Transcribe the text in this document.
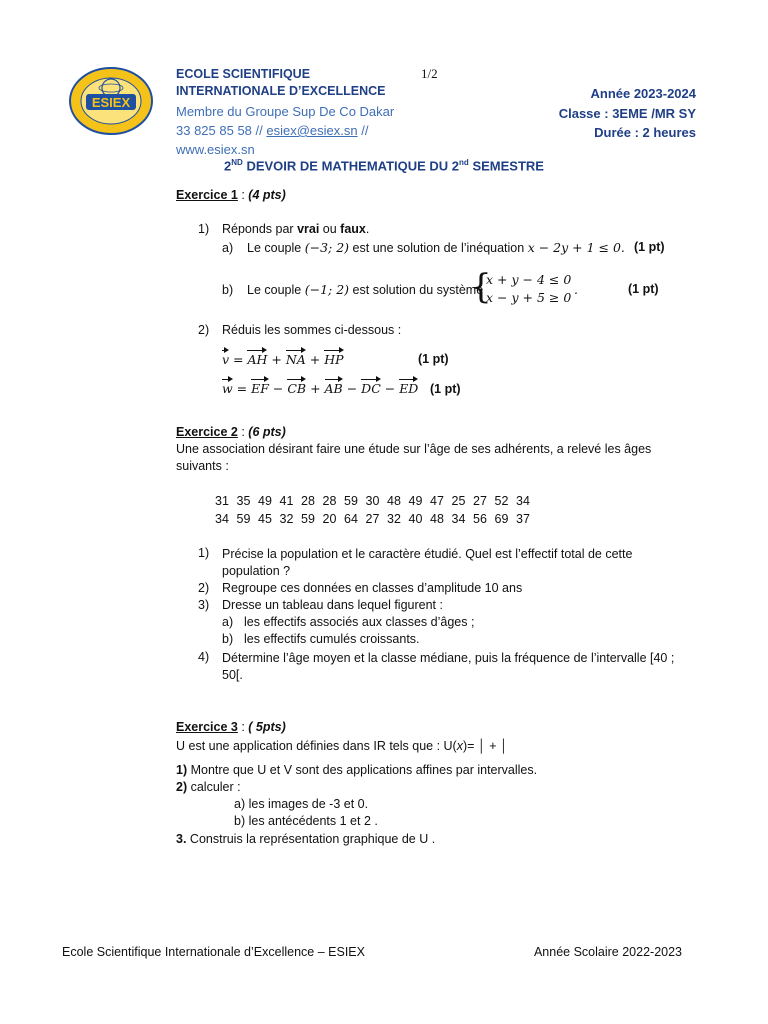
ESIEX
ECOLE SCIENTIFIQUE
INTERNATIONALE D’EXCELLENCE
Membre du Groupe Sup De Co Dakar
33 825 85 58 // esiex@esiex.sn //
www.esiex.sn
1/2
Année 2023-2024
Classe : 3EME /MR SY
Durée : 2 heures
2ND DEVOIR DE MATHEMATIQUE DU 2nd SEMESTRE
Exercice 1 : (4 pts)
1) Réponds par vrai ou faux.
a) Le couple (−3; 2) est une solution de l’inéquation x − 2y + 1 ≤ 0. (1 pt)
b) Le couple (−1; 2) est solution du système
{
x + y − 4 ≤ 0
x − y + 5 ≥ 0
.	(1 pt)
2) Réduis les sommes ci-dessous :
v = AH + NA + HP	(1 pt)
w = EF − CB + AB − DC − ED (1 pt)
Exercice 2 : (6 pts)
Une association désirant faire une étude sur l’âge de ses adhérents, a relevé les âges
suivants :
31 35 49 41 28 28 59 30 48 49 47 25 27 52 34
34 59 45 32 59 20 64 27 32 40 48 34 56 69 37
1) Précise la population et le caractère étudié. Quel est l’effectif total de cette
population ?
2) Regroupe ces données en classes d’amplitude 10 ans
3) Dresse un tableau dans lequel figurent :
a) les effectifs associés aux classes d’âges ;
b) les effectifs cumulés croissants.
4) Détermine l’âge moyen et la classe médiane, puis la fréquence de l’intervalle [40 ;
50[.
Exercice 3 : ( 5pts)
U est une application définies dans IR tels que : U(x)= │ + │
1) Montre que U et V sont des applications affines par intervalles.
2) calculer :
a) les images de -3 et 0.
b) les antécédents 1 et 2 .
3. Construis la représentation graphique de U .
Ecole Scientifique Internationale d’Excellence – ESIEX	Année Scolaire 2022-2023
